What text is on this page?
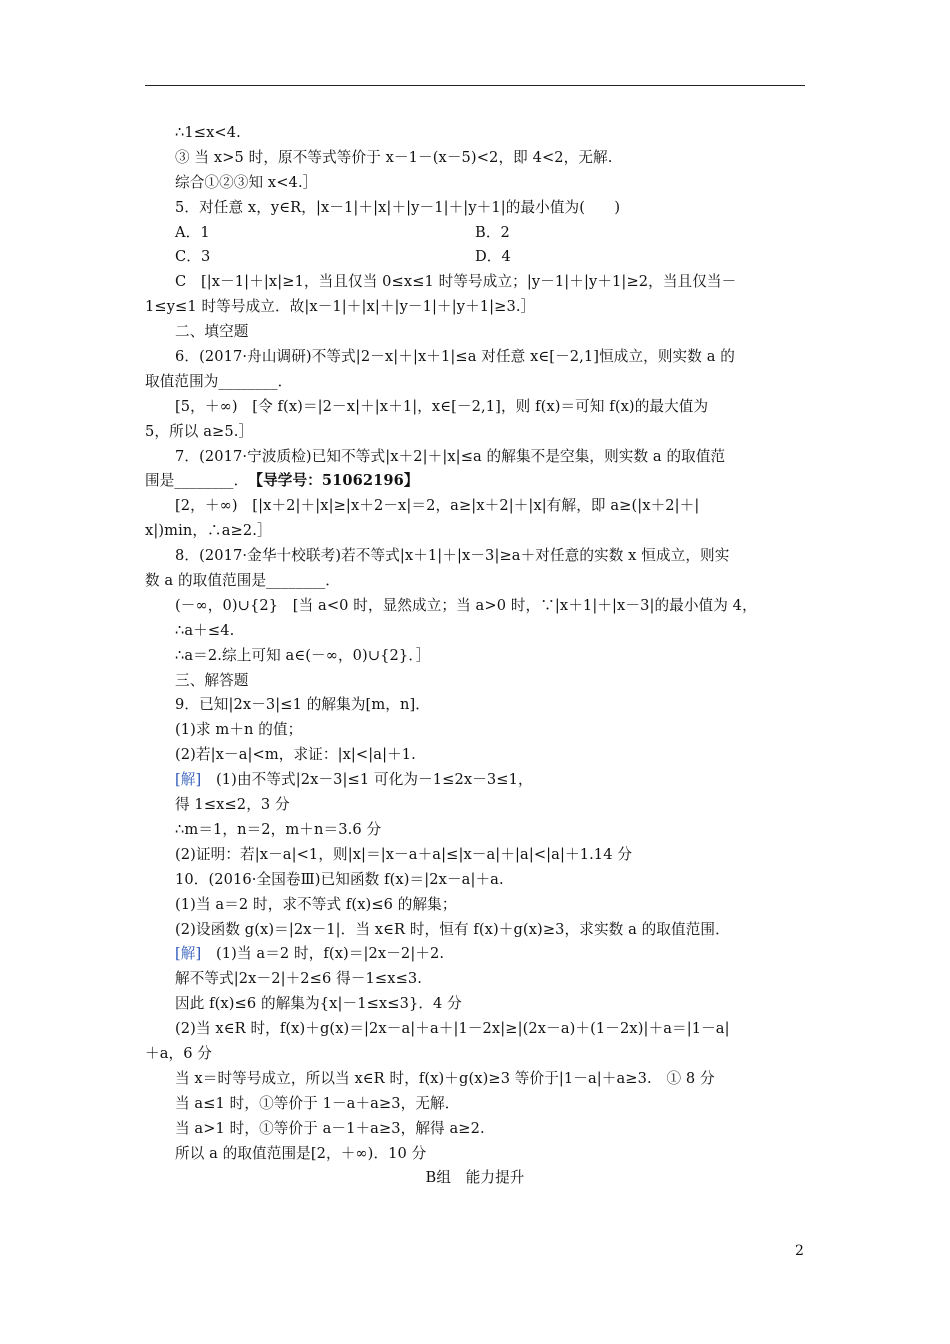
∴1≤x<4.
③ 当 x>5 时，原不等式等价于 x－1－(x－5)<2，即 4<2，无解.
综合①②③知 x<4.］
5．对任意 x，y∈R，|x－1|＋|x|＋|y－1|＋|y＋1|的最小值为(　　)
A．1	B．2
C．3	D．4
C　[|x－1|＋|x|≥1，当且仅当 0≤x≤1 时等号成立；|y－1|＋|y＋1|≥2，当且仅当－
1≤y≤1 时等号成立．故|x－1|＋|x|＋|y－1|＋|y＋1|≥3.］
二、填空题
6．(2017·舟山调研)不等式|2－x|＋|x＋1|≤a 对任意 x∈[－2,1]恒成立，则实数 a 的
取值范围为________．
[5，＋∞)　[令 f(x)＝|2－x|＋|x＋1|，x∈[－2,1]，则 f(x)＝可知 f(x)的最大值为
5，所以 a≥5.］
7．(2017·宁波质检)已知不等式|x＋2|＋|x|≤a 的解集不是空集，则实数 a 的取值范
围是________．　 【导学号：51062196】
[2，＋∞)　[|x＋2|＋|x|≥|x＋2－x|＝2，a≥|x＋2|＋|x|有解，即 a≥(|x＋2|＋|
x|)min，∴a≥2.］
8．(2017·金华十校联考)若不等式|x＋1|＋|x－3|≥a＋对任意的实数 x 恒成立，则实
数 a 的取值范围是________．
(－∞，0)∪{2}　[当 a<0 时，显然成立；当 a>0 时，∵|x＋1|＋|x－3|的最小值为 4，
∴a＋≤4.
∴a＝2.综上可知 a∈(－∞，0)∪{2}．］
三、解答题
9．已知|2x－3|≤1 的解集为[m，n]．
(1)求 m＋n 的值；
(2)若|x－a|<m，求证：|x|<|a|＋1.
[解]　 (1)由不等式|2x－3|≤1 可化为－1≤2x－3≤1，
得 1≤x≤2，3 分
∴m＝1，n＝2，m＋n＝3.6 分
(2)证明：若|x－a|<1，则|x|＝|x－a＋a|≤|x－a|＋|a|<|a|＋1.14 分
10．(2016·全国卷Ⅲ)已知函数 f(x)＝|2x－a|＋a.
(1)当 a＝2 时，求不等式 f(x)≤6 的解集；
(2)设函数 g(x)＝|2x－1|．当 x∈R 时，恒有 f(x)＋g(x)≥3，求实数 a 的取值范围．
[解]　 (1)当 a＝2 时，f(x)＝|2x－2|＋2.
解不等式|2x－2|＋2≤6 得－1≤x≤3.
因此 f(x)≤6 的解集为{x|－1≤x≤3}．4 分
(2)当 x∈R 时，f(x)＋g(x)＝|2x－a|＋a＋|1－2x|≥|(2x－a)＋(1－2x)|＋a＝|1－a|
＋a，6 分
当 x＝时等号成立，所以当 x∈R 时，f(x)＋g(x)≥3 等价于|1－a|＋a≥3.　① 8 分
当 a≤1 时，①等价于 1－a＋a≥3，无解．
当 a>1 时，①等价于 a－1＋a≥3，解得 a≥2.
所以 a 的取值范围是[2，＋∞)．10 分
B组　能力提升
2
